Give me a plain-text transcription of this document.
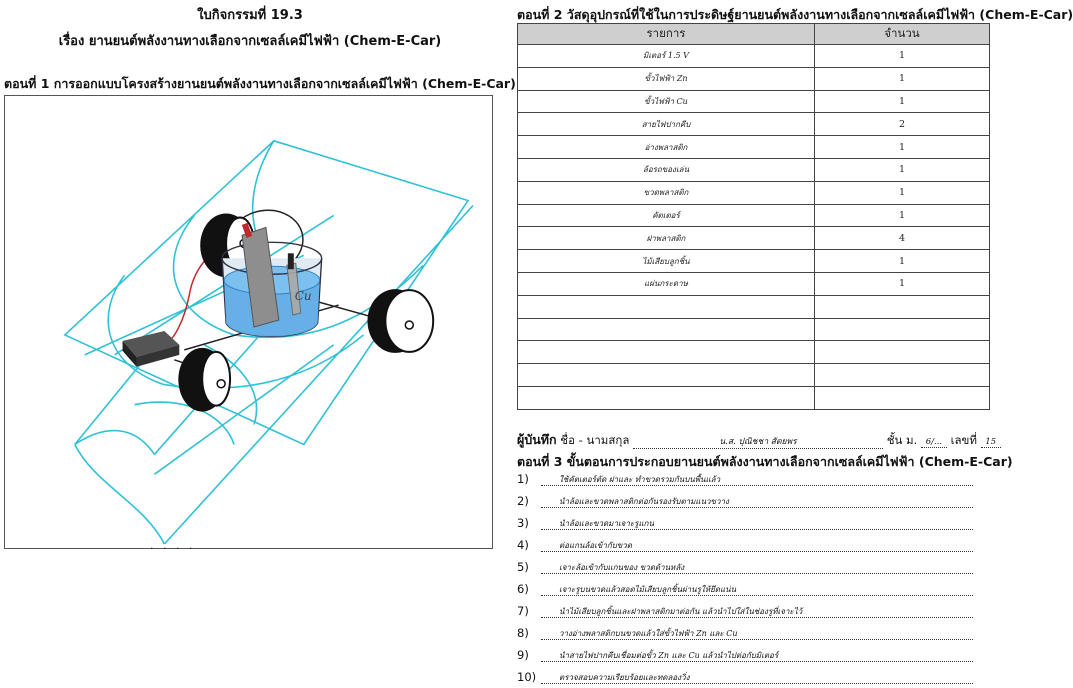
ใบกิจกรรมที่ 19.3
เรื่อง ยานยนต์พลังงานทางเลือกจากเซลล์เคมีไฟฟ้า (Chem-E-Car)
ตอนที่ 1 การออกแบบโครงสร้างยานยนต์พลังงานทางเลือกจากเซลล์เคมีไฟฟ้า (Chem-E-Car)
Cu
· · · ·
ตอนที่ 2 วัสดุอุปกรณ์ที่ใช้ในการประดิษฐ์ยานยนต์พลังงานทางเลือกจากเซลล์เคมีไฟฟ้า (Chem-E-Car)
รายการ	จำนวน
มิเตอร์ 1.5 V	1
ขั้วไฟฟ้า Zn	1
ขั้วไฟฟ้า Cu	1
สายไฟปากคีบ	2
อ่างพลาสติก	1
ล้อรถของเล่น	1
ขวดพลาสติก	1
คัตเตอร์	1
ฝาพลาสติก	4
ไม้เสียบลูกชิ้น	1
แผ่นกระดาษ	1

ผู้บันทึก ชื่อ - นามสกุล	น.ส. ปุณิชชา สัตยพร	ชั้น ม. 6/... เลขที่ 15
ตอนที่ 3 ขั้นตอนการประกอบยานยนต์พลังงานทางเลือกจากเซลล์เคมีไฟฟ้า (Chem-E-Car)
1)	ใช้คัตเตอร์ตัด ฝาและ ทำขวดรวมกันบนพื้นแล้ว
2)	นำล้อและขวดพลาสติกต่อกันรองรับตามแนวขวาง
3)	นำล้อและขวดมาเจาะรูแกน
4)	ต่อแกนล้อเข้ากับขวด
5)	เจาะล้อเข้ากับแกนของ ขวดด้านหลัง
6)	เจาะรูบนขวดแล้วสอดไม้เสียบลูกชิ้นผ่านรูให้ยึดแน่น
7)	นำไม้เสียบลูกชิ้นและฝาพลาสติกมาต่อกัน แล้วนำไปใส่ในช่องรูที่เจาะไว้
8)	วางอ่างพลาสติกบนขวดแล้วใส่ขั้วไฟฟ้า Zn และ Cu
9)	นำสายไฟปากคีบเชื่อมต่อขั้ว Zn และ Cu แล้วนำไปต่อกับมิเตอร์
10)	ตรวจสอบความเรียบร้อยและทดลองวิ่ง
